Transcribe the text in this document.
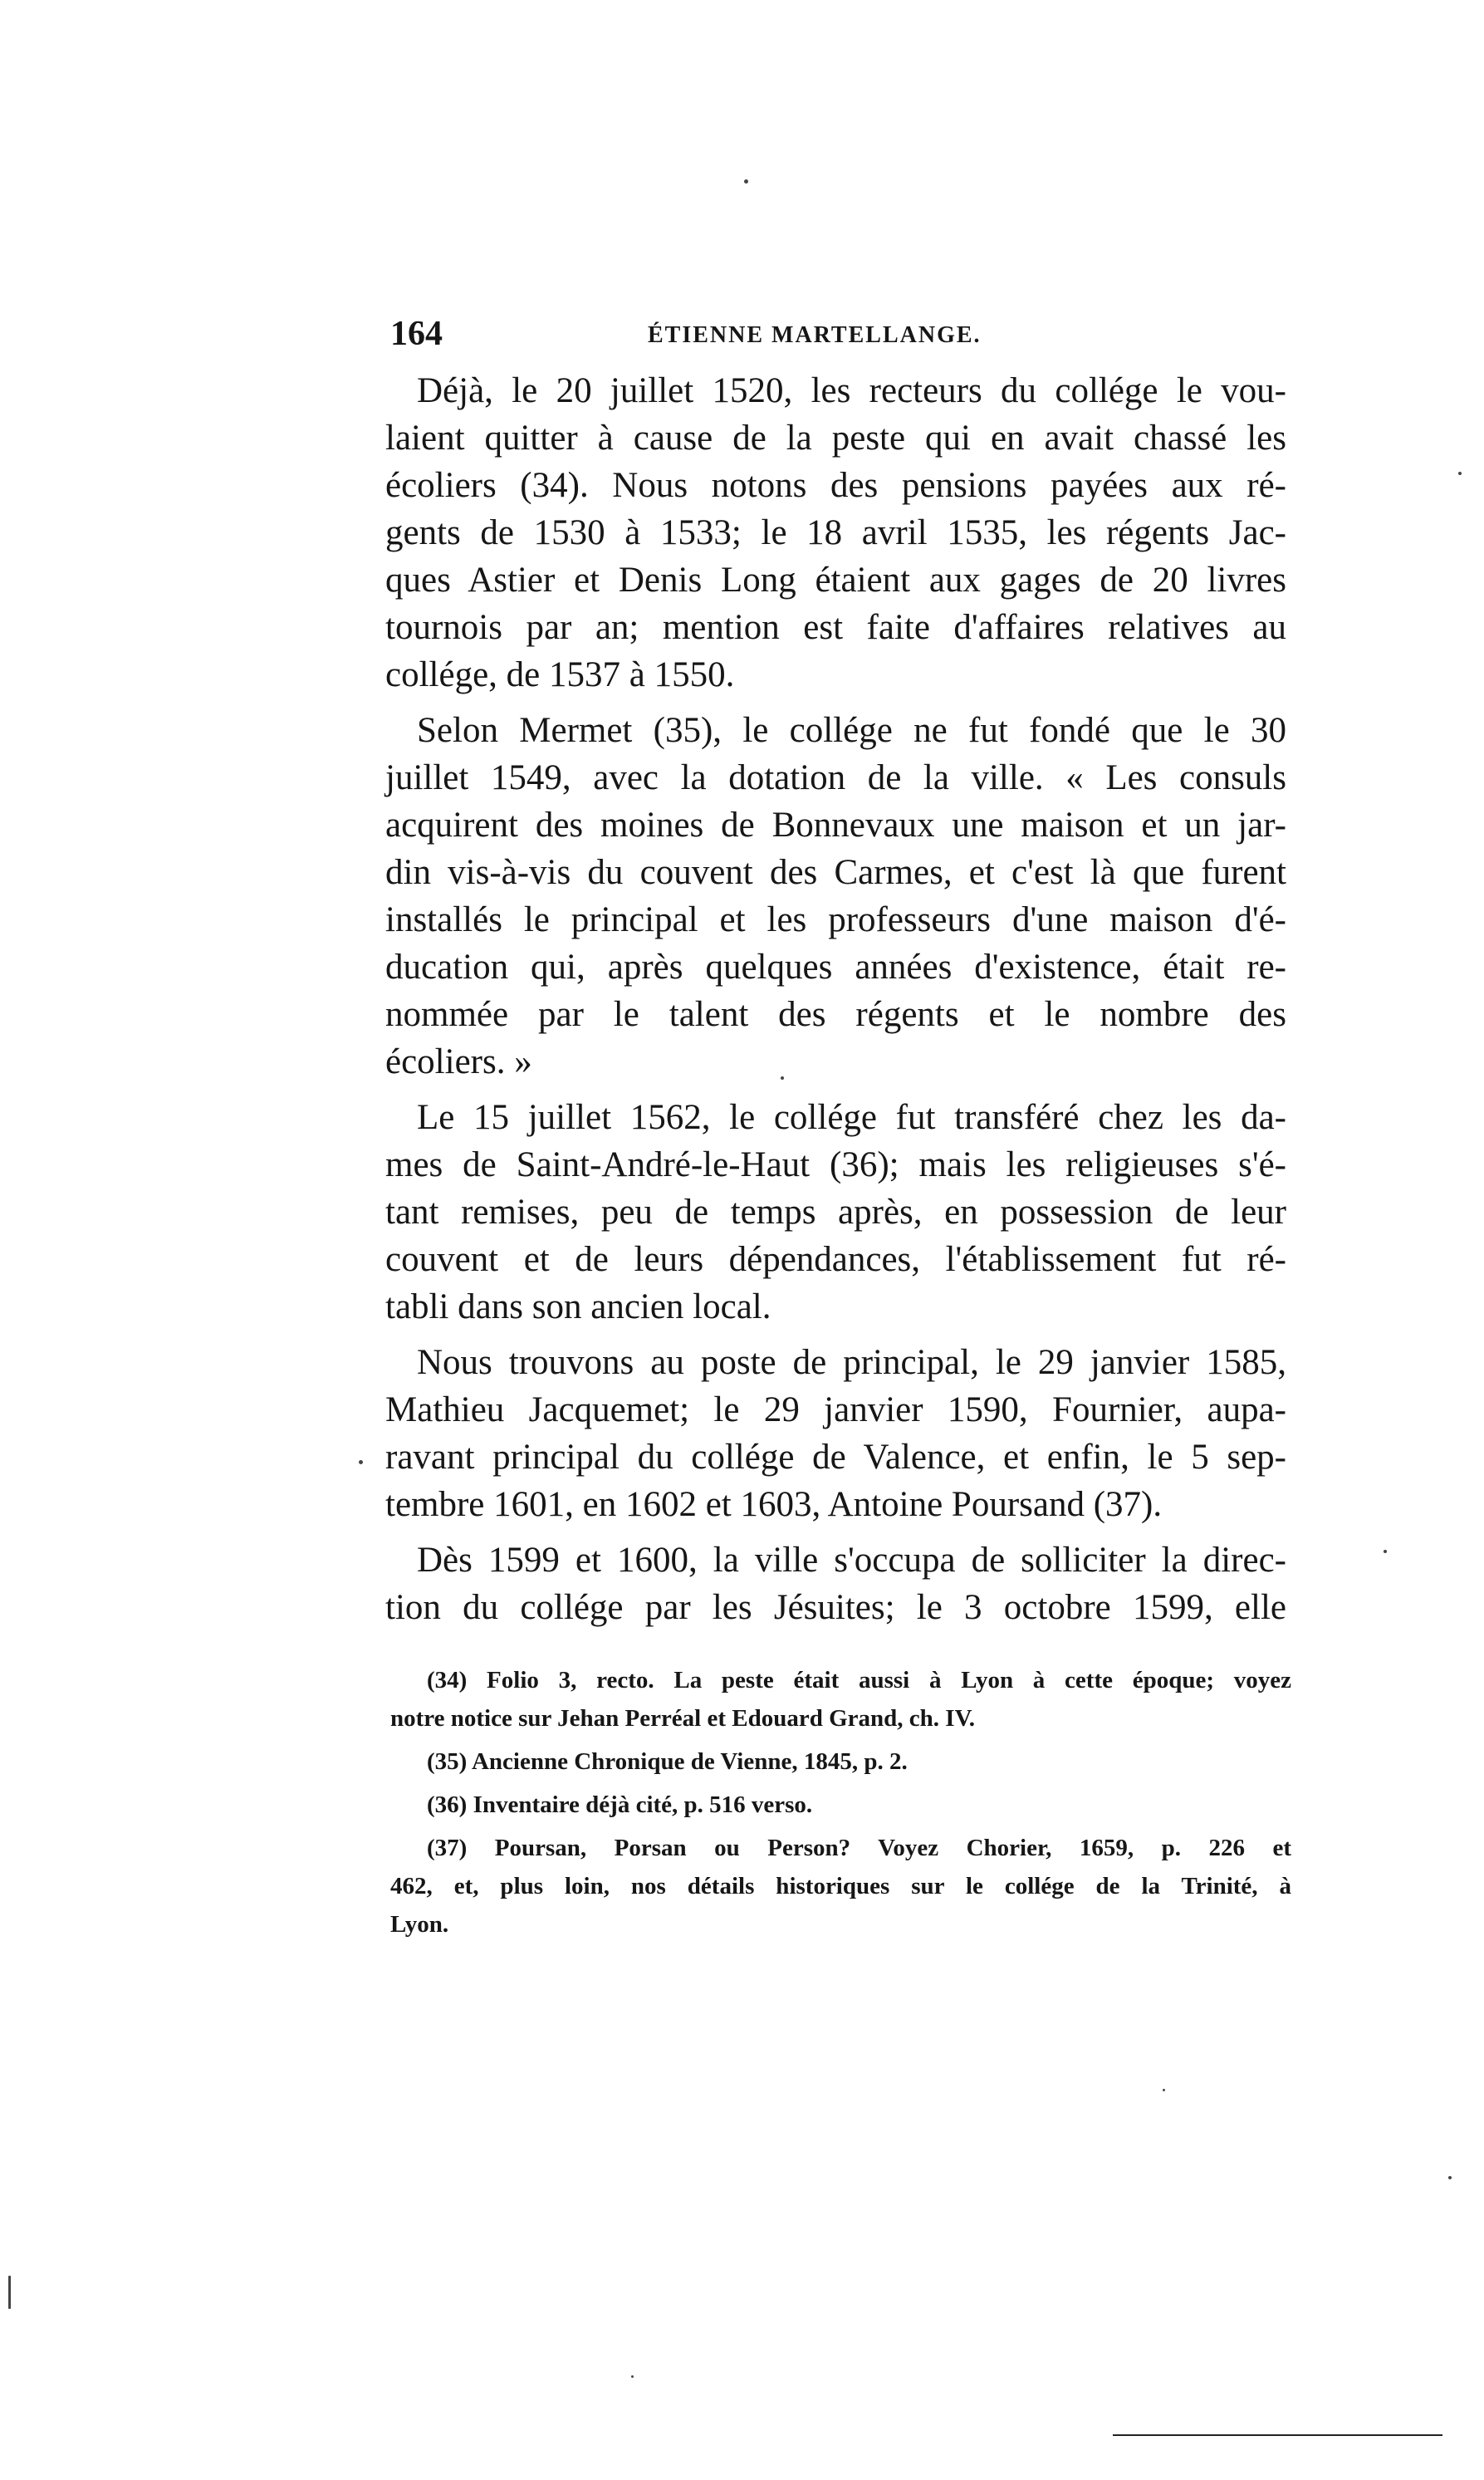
164	ÉTIENNE MARTELLANGE.
Déjà, le 20 juillet 1520, les recteurs du collége le vou-
laient quitter à cause de la peste qui en avait chassé les
écoliers (34). Nous notons des pensions payées aux ré-
gents de 1530 à 1533; le 18 avril 1535, les régents Jac-
ques Astier et Denis Long étaient aux gages de 20 livres
tournois par an; mention est faite d'affaires relatives au
collége, de 1537 à 1550.
Selon Mermet (35), le collége ne fut fondé que le 30
juillet 1549, avec la dotation de la ville. « Les consuls
acquirent des moines de Bonnevaux une maison et un jar-
din vis-à-vis du couvent des Carmes, et c'est là que furent
installés le principal et les professeurs d'une maison d'é-
ducation qui, après quelques années d'existence, était re-
nommée par le talent des régents et le nombre des
écoliers. »
Le 15 juillet 1562, le collége fut transféré chez les da-
mes de Saint-André-le-Haut (36); mais les religieuses s'é-
tant remises, peu de temps après, en possession de leur
couvent et de leurs dépendances, l'établissement fut ré-
tabli dans son ancien local.
Nous trouvons au poste de principal, le 29 janvier 1585,
Mathieu Jacquemet; le 29 janvier 1590, Fournier, aupa-
ravant principal du collége de Valence, et enfin, le 5 sep-
tembre 1601, en 1602 et 1603, Antoine Poursand (37).
Dès 1599 et 1600, la ville s'occupa de solliciter la direc-
tion du collége par les Jésuites; le 3 octobre 1599, elle
(34) Folio 3, recto. La peste était aussi à Lyon à cette époque; voyez
notre notice sur Jehan Perréal et Edouard Grand, ch. IV.
(35) Ancienne Chronique de Vienne, 1845, p. 2.
(36) Inventaire déjà cité, p. 516 verso.
(37) Poursan, Porsan ou Person? Voyez Chorier, 1659, p. 226 et
462, et, plus loin, nos détails historiques sur le collége de la Trinité, à
Lyon.
